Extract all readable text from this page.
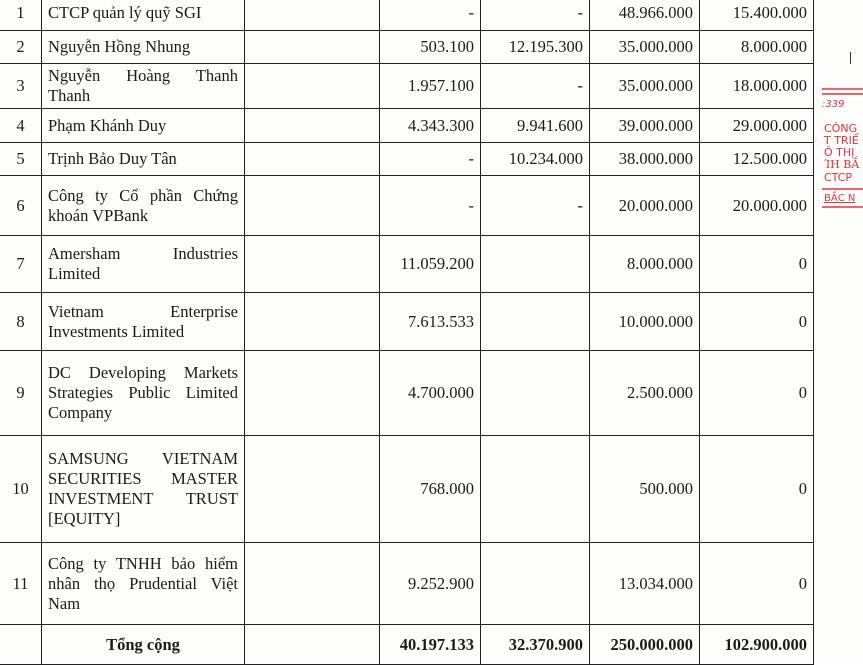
1	CTCP quản lý quỹ SGI		-	-	48.966.000	15.400.000
2	Nguyễn Hồng Nhung		503.100	12.195.300	35.000.000	8.000.000
3	Nguyễn Hoàng Thanh Thanh		1.957.100	-	35.000.000	18.000.000
4	Phạm Khánh Duy		4.343.300	9.941.600	39.000.000	29.000.000
5	Trịnh Bảo Duy Tân		-	10.234.000	38.000.000	12.500.000
6	Công ty Cổ phần Chứng khoán VPBank		-	-	20.000.000	20.000.000
7	Amersham Industries Limited		11.059.200		8.000.000	0
8	Vietnam Enterprise Investments Limited		7.613.533		10.000.000	0
9	DC Developing Markets Strategies Public Limited Company		4.700.000		2.500.000	0
10	SAMSUNG VIETNAM SECURITIES MASTER INVESTMENT TRUST [EQUITY]		768.000		500.000	0
11	Công ty TNHH bảo hiểm nhân thọ Prudential Việt Nam		9.252.900		13.034.000	0
	Tổng cộng		40.197.133	32.370.900	250.000.000	102.900.000
:339
CÔNG
T TRIỂ
Ô THỊ
ΊH BẮ
CTCP
BẮC N
